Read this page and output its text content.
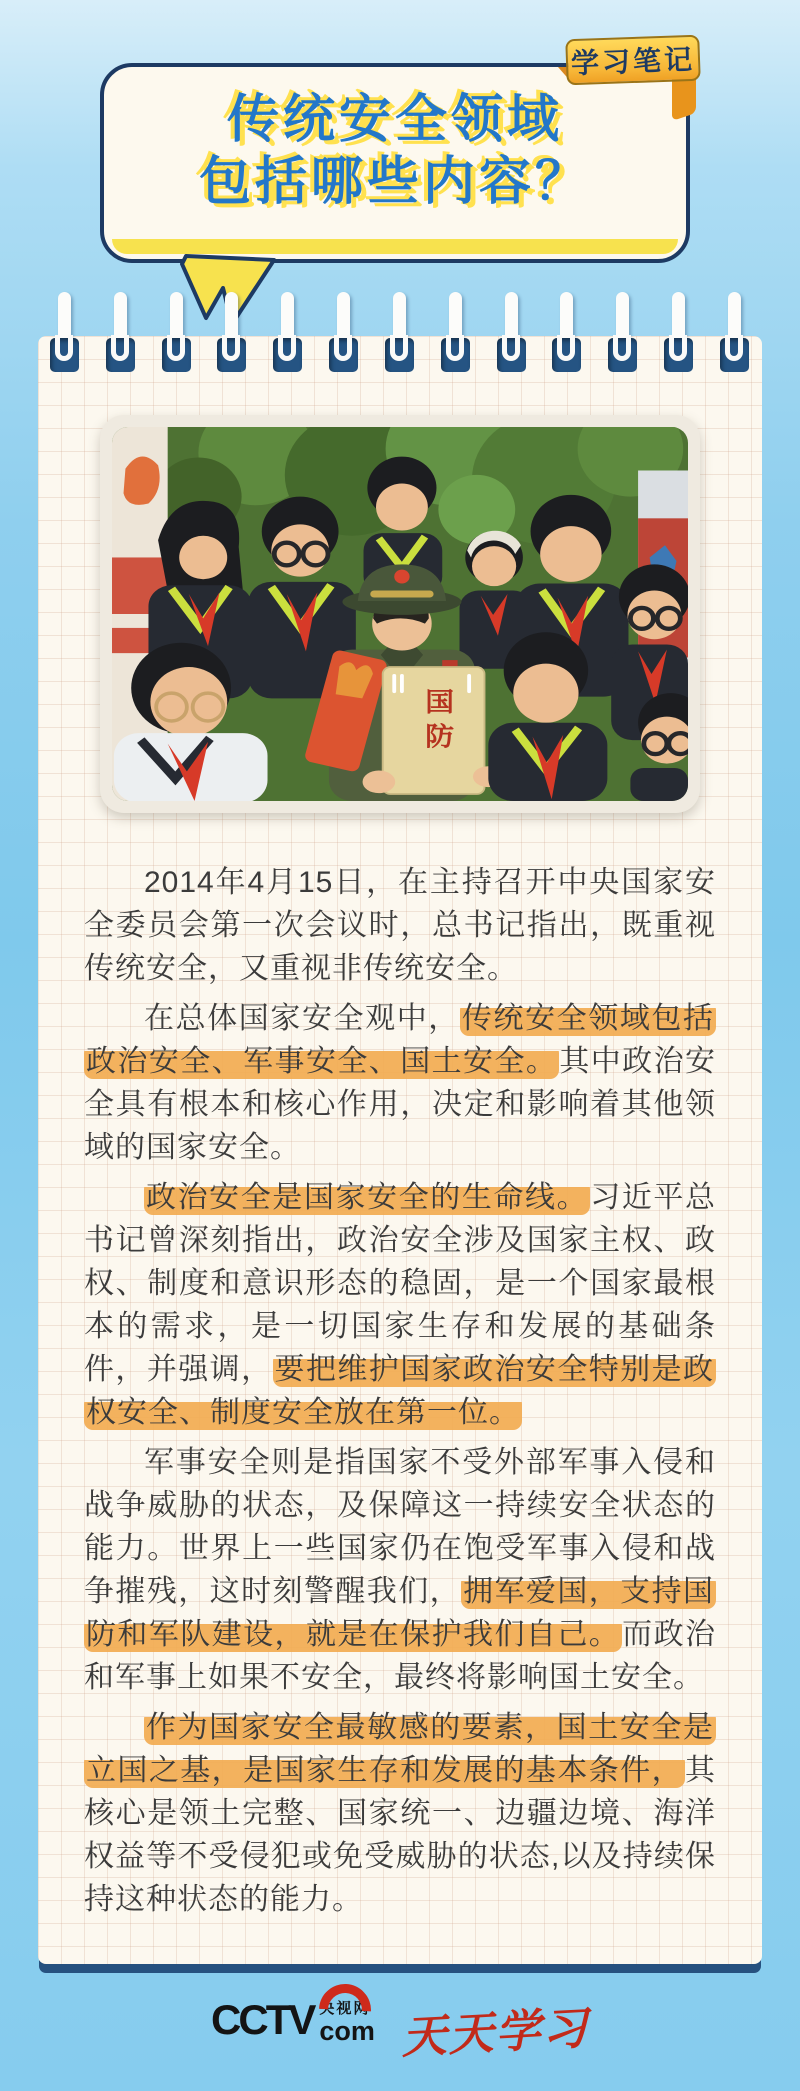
学习笔记
传统安全领域
包括哪些内容？
国防

2014年4月15日，在主持召开中央国家安全委员会第一次会议时，总书记指出，既重视传统安全，又重视非传统安全。

在总体国家安全观中，传统安全领域包括政治安全、军事安全、国土安全。其中政治安全具有根本和核心作用，决定和影响着其他领域的国家安全。

政治安全是国家安全的生命线。习近平总书记曾深刻指出，政治安全涉及国家主权、政权、制度和意识形态的稳固，是一个国家最根本的需求，是一切国家生存和发展的基础条件，并强调，要把维护国家政治安全特别是政权安全、制度安全放在第一位。

军事安全则是指国家不受外部军事入侵和战争威胁的状态，及保障这一持续安全状态的能力。世界上一些国家仍在饱受军事入侵和战争摧残，这时刻警醒我们，拥军爱国，支持国防和军队建设，就是在保护我们自己。而政治和军事上如果不安全，最终将影响国土安全。

作为国家安全最敏感的要素，国土安全是立国之基，是国家生存和发展的基本条件，其核心是领土完整、国家统一、边疆边境、海洋权益等不受侵犯或免受威胁的状态,以及持续保持这种状态的能力。

CCTV 央视网
com 天天学习
